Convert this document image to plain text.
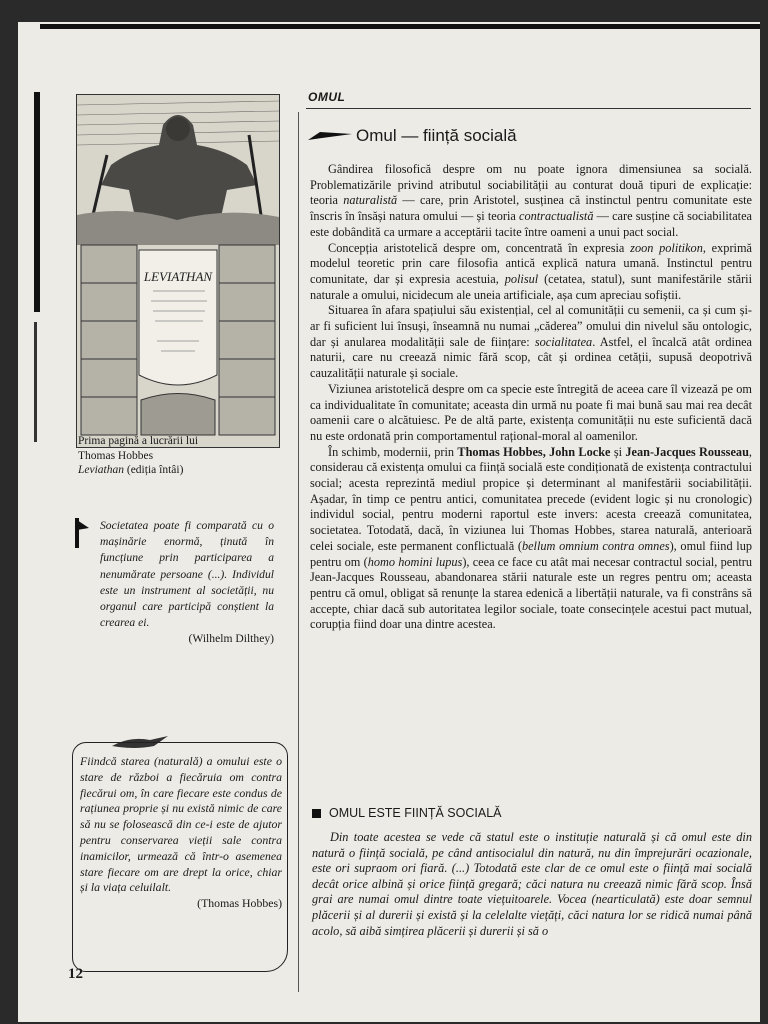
LEVIATHAN
Prima pagină a lucrării lui
Thomas Hobbes
Leviathan (ediția întâi)
Societatea poate fi comparată cu o mașinărie enormă, ținută în funcțiune prin participarea a nenumărate persoane (...). Individul este un instrument al societății, nu organul care participă conștient la crearea ei.
(Wilhelm Dilthey)
Fiindcă starea (naturală) a omului este o stare de război a fiecăruia om contra fiecărui om, în care fiecare este condus de rațiunea proprie și nu există nimic de care să nu se folosească din ce-i este de ajutor pentru conservarea vieții sale contra inamicilor, urmează că într-o asemenea stare fiecare om are drept la orice, chiar și la viața celuilalt.
(Thomas Hobbes)
12
OMUL
Omul — ființă socială

Gândirea filosofică despre om nu poate ignora dimensiunea sa socială. Problematizările privind atributul sociabilității au conturat două tipuri de explicație: teoria naturalistă — care, prin Aristotel, susținea că instinctul pentru comunitate este înscris în însăși natura omului — și teoria contractualistă — care susține că sociabilitatea este dobândită ca urmare a acceptării tacite între oameni a unui pact social.

Concepția aristotelică despre om, concentrată în expresia zoon politikon, exprimă modelul teoretic prin care filosofia antică explică natura umană. Instinctul pentru comunitate, dar și expresia acestuia, polisul (cetatea, statul), sunt manifestările stării naturale a omului, nicidecum ale uneia artificiale, așa cum apreciau sofiștii.

Situarea în afara spațiului său existențial, cel al comunității cu semenii, ca și cum și-ar fi suficient lui însuși, înseamnă nu numai „căderea” omului din nivelul său ontologic, dar și anularea modalității sale de ființare: socialitatea. Astfel, el încalcă atât ordinea naturii, care nu creează nimic fără scop, cât și ordinea cetății, supusă deopotrivă cauzalității naturale și sociale.

Viziunea aristotelică despre om ca specie este întregită de aceea care îl vizează pe om ca individualitate în comunitate; aceasta din urmă nu poate fi mai bună sau mai rea decât oamenii care o alcătuiesc. Pe de altă parte, existența comunității nu este suficientă dacă nu este ordonată prin comportamentul rațional-moral al oamenilor.

În schimb, modernii, prin Thomas Hobbes, John Locke și Jean-Jacques Rousseau, considerau că existența omului ca ființă socială este condiționată de existența contractului social; acesta reprezintă mediul propice și determinant al manifestării sociabilității. Așadar, în timp ce pentru antici, comunitatea precede (evident logic și nu cronologic) individul social, pentru moderni raportul este invers: acesta creează comunitatea, societatea. Totodată, dacă, în viziunea lui Thomas Hobbes, starea naturală, anterioară celei sociale, este permanent conflictuală (bellum omnium contra omnes), omul fiind lup pentru om (homo homini lupus), ceea ce face cu atât mai necesar contractul social, pentru Jean-Jacques Rousseau, abandonarea stării naturale este un regres pentru om; aceasta pentru că omul, obligat să renunțe la starea edenică a libertății naturale, va fi constrâns să accepte, chiar dacă sub autoritatea legilor sociale, toate consecințele acestui pact mutual, corupția fiind doar una dintre acestea.

OMUL ESTE FIINȚĂ SOCIALĂ

Din toate acestea se vede că statul este o instituție naturală și că omul este din natură o ființă socială, pe când antisocialul din natură, nu din împrejurări ocazionale, este ori supraom ori fiară. (...) Totodată este clar de ce omul este o ființă mai socială decât orice albină și orice ființă gregară; căci natura nu creează nimic fără scop. Însă grai are numai omul dintre toate viețuitoarele. Vocea (nearticulată) este doar semnul plăcerii și al durerii și există și la celelalte viețăți, căci natura lor se ridică numai până acolo, să aibă simțirea plăcerii și durerii și să o
